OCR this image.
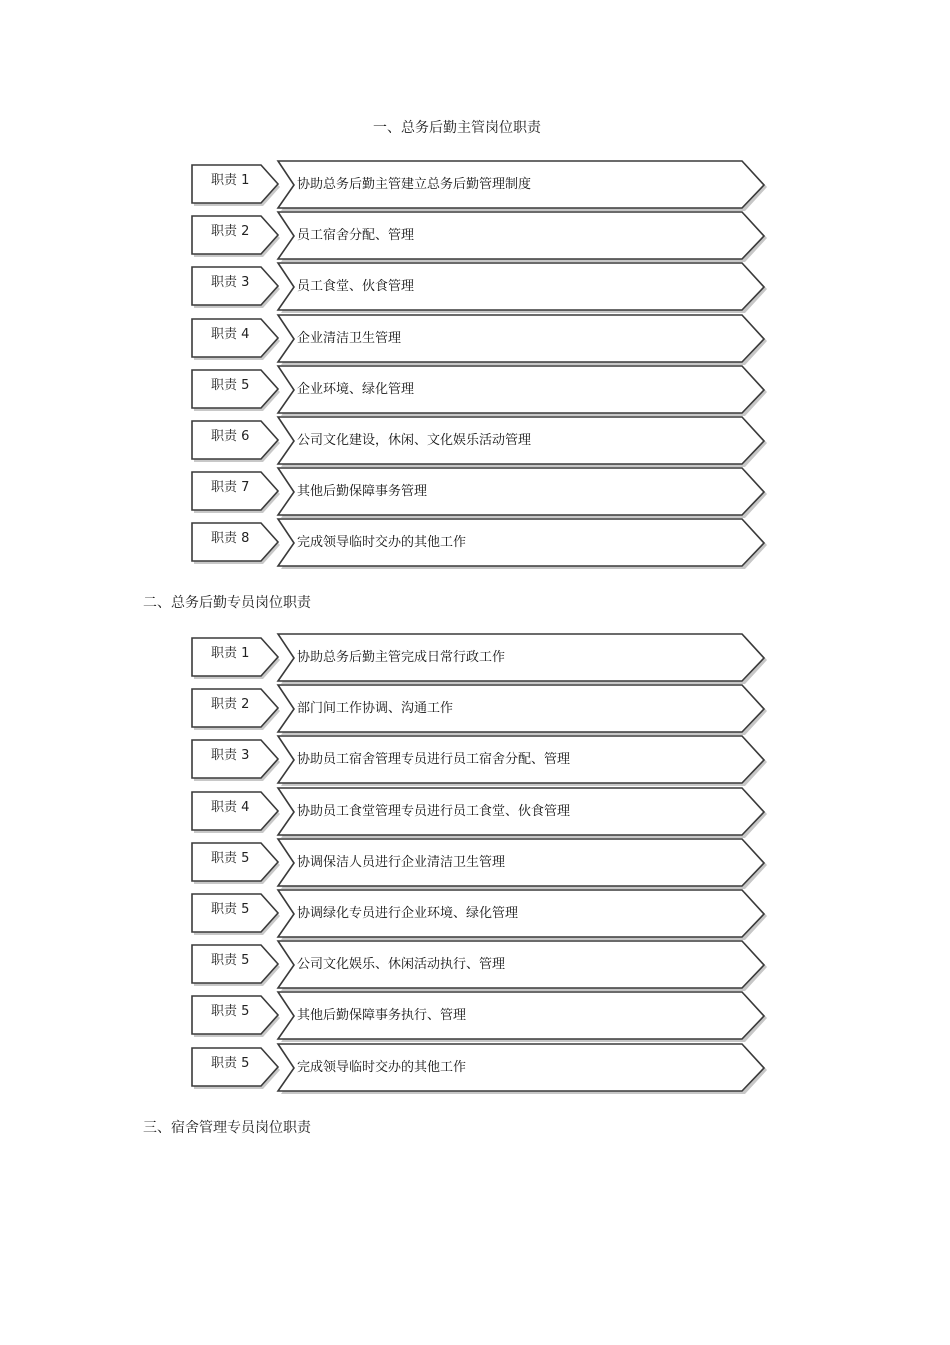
一、总务后勤主管岗位职责
职责 1	协助总务后勤主管建立总务后勤管理制度
职责 2	员工宿舍分配、管理
职责 3	员工食堂、伙食管理
职责 4	企业清洁卫生管理
职责 5	企业环境、绿化管理
职责 6	公司文化建设，休闲、文化娱乐活动管理
职责 7	其他后勤保障事务管理
职责 8	完成领导临时交办的其他工作
二、总务后勤专员岗位职责
职责 1	协助总务后勤主管完成日常行政工作
职责 2	部门间工作协调、沟通工作
职责 3	协助员工宿舍管理专员进行员工宿舍分配、管理
职责 4	协助员工食堂管理专员进行员工食堂、伙食管理
职责 5	协调保洁人员进行企业清洁卫生管理
职责 5	协调绿化专员进行企业环境、绿化管理
职责 5	公司文化娱乐、休闲活动执行、管理
职责 5	其他后勤保障事务执行、管理
职责 5	完成领导临时交办的其他工作
三、宿舍管理专员岗位职责
